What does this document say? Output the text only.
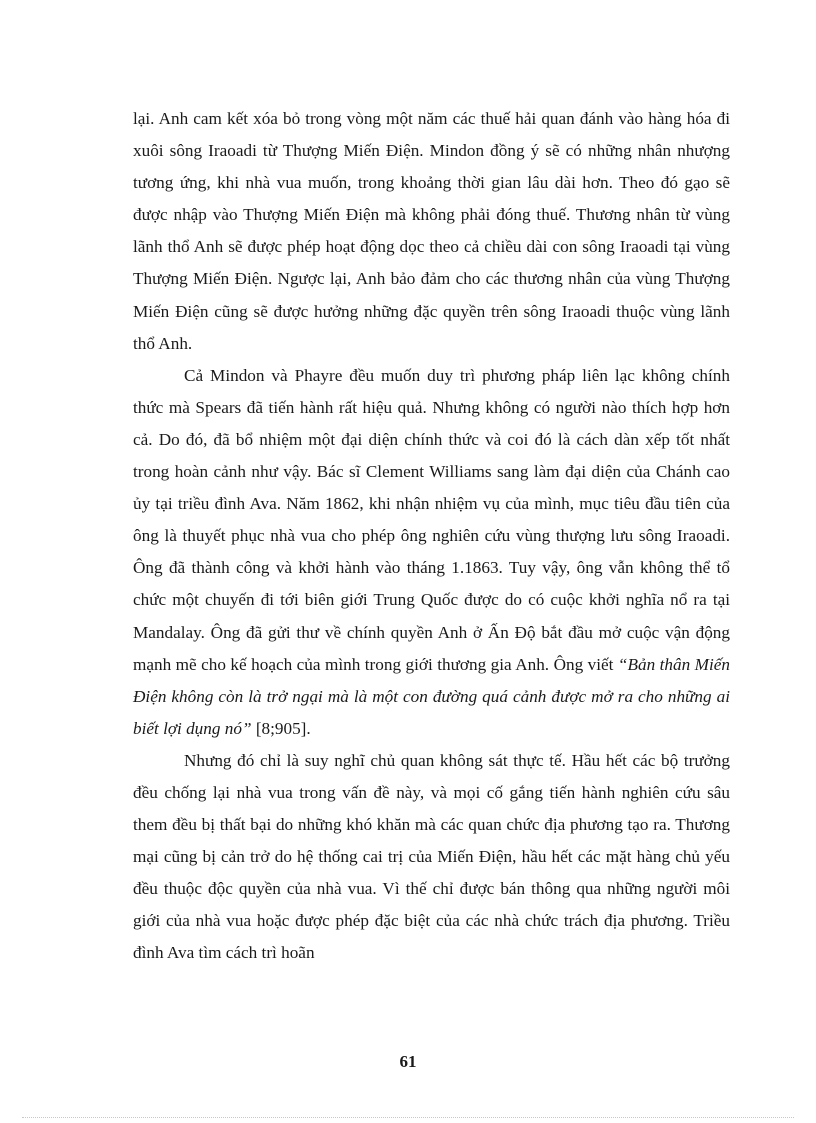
lại. Anh cam kết xóa bỏ trong vòng một năm các thuế hải quan đánh vào hàng hóa đi xuôi sông Iraoadi từ Thượng Miến Điện. Mindon đồng ý sẽ có những nhân nhượng tương ứng, khi nhà vua muốn, trong khoảng thời gian lâu dài hơn. Theo đó gạo sẽ được nhập vào Thượng Miến Điện mà không phải đóng thuế. Thương nhân từ vùng lãnh thổ Anh sẽ được phép hoạt động dọc theo cả chiều dài con sông Iraoadi tại vùng Thượng Miến Điện. Ngược lại, Anh bảo đảm cho các thương nhân của vùng Thượng Miến Điện cũng sẽ được hưởng những đặc quyền trên sông Iraoadi thuộc vùng lãnh thổ Anh.

Cả Mindon và Phayre đều muốn duy trì phương pháp liên lạc không chính thức mà Spears đã tiến hành rất hiệu quả. Nhưng không có người nào thích hợp hơn cả. Do đó, đã bổ nhiệm một đại diện chính thức và coi đó là cách dàn xếp tốt nhất trong hoàn cảnh như vậy. Bác sĩ Clement Williams sang làm đại diện của Chánh cao ủy tại triều đình Ava. Năm 1862, khi nhận nhiệm vụ của mình, mục tiêu đầu tiên của ông là thuyết phục nhà vua cho phép ông nghiên cứu vùng thượng lưu sông Iraoadi. Ông đã thành công và khởi hành vào tháng 1.1863. Tuy vậy, ông vẫn không thể tổ chức một chuyến đi tới biên giới Trung Quốc được do có cuộc khởi nghĩa nổ ra tại Mandalay. Ông đã gửi thư về chính quyền Anh ở Ấn Độ bắt đầu mở cuộc vận động mạnh mẽ cho kế hoạch của mình trong giới thương gia Anh. Ông viết “Bản thân Miến Điện không còn là trở ngại mà là một con đường quá cảnh được mở ra cho những ai biết lợi dụng nó” [8;905].

Nhưng đó chỉ là suy nghĩ chủ quan không sát thực tế. Hầu hết các bộ trưởng đều chống lại nhà vua trong vấn đề này, và mọi cố gắng tiến hành nghiên cứu sâu them đều bị thất bại do những khó khăn mà các quan chức địa phương tạo ra. Thương mại cũng bị cản trở do hệ thống cai trị của Miến Điện, hầu hết các mặt hàng chủ yếu đều thuộc độc quyền của nhà vua. Vì thế chỉ được bán thông qua những người môi giới của nhà vua hoặc được phép đặc biệt của các nhà chức trách địa phương. Triều đình Ava tìm cách trì hoãn

61
